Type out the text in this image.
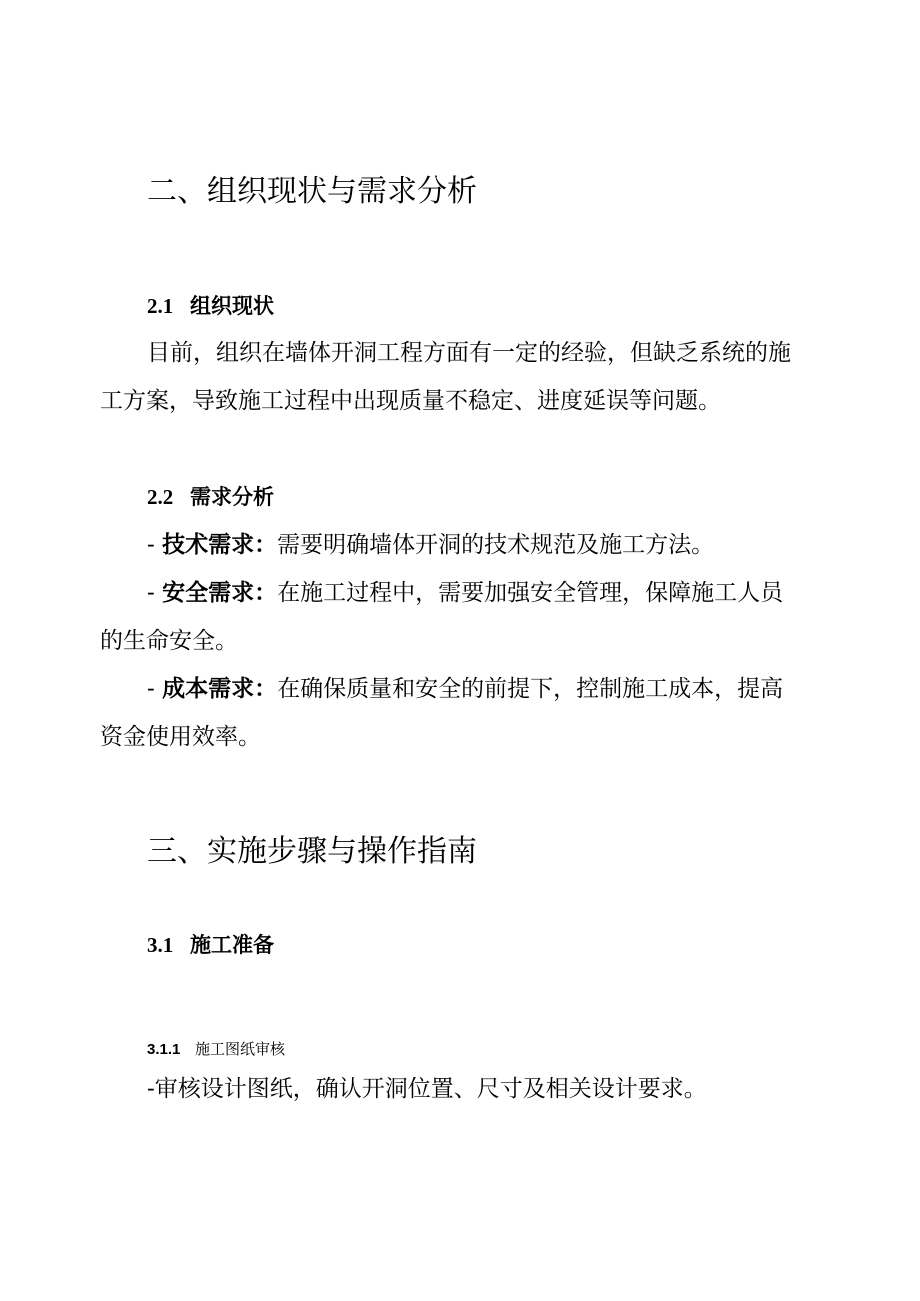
二、组织现状与需求分析
2.1 组织现状

目前，组织在墙体开洞工程方面有一定的经验，但缺乏系统的施

工方案，导致施工过程中出现质量不稳定、进度延误等问题。

2.2 需求分析

- 技术需求：需要明确墙体开洞的技术规范及施工方法。

- 安全需求：在施工过程中，需要加强安全管理，保障施工人员

的生命安全。

- 成本需求：在确保质量和安全的前提下，控制施工成本，提高

资金使用效率。

三、实施步骤与操作指南
3.1 施工准备
3.1.1 施工图纸审核

-审核设计图纸，确认开洞位置、尺寸及相关设计要求。
